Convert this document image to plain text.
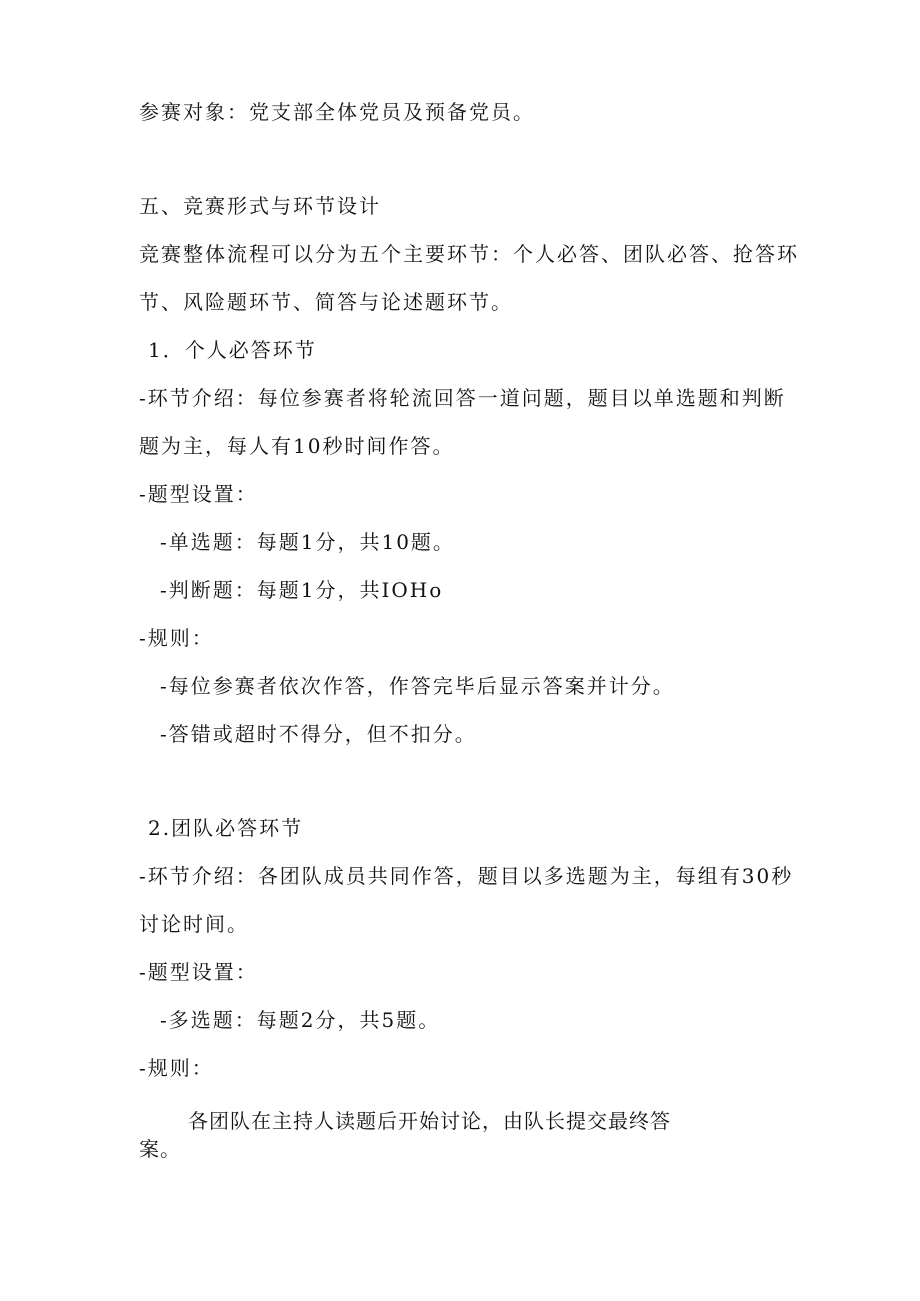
参赛对象：党支部全体党员及预备党员。
五、竞赛形式与环节设计
竞赛整体流程可以分为五个主要环节：个人必答、团队必答、抢答环
节、风险题环节、简答与论述题环节。
1．个人必答环节
-环节介绍：每位参赛者将轮流回答一道问题，题目以单选题和判断
题为主，每人有10秒时间作答。
-题型设置：
-单选题：每题1分，共10题。
-判断题：每题1分，共IOHo
-规则：
-每位参赛者依次作答，作答完毕后显示答案并计分。
-答错或超时不得分，但不扣分。
2.团队必答环节
-环节介绍：各团队成员共同作答，题目以多选题为主，每组有30秒
讨论时间。
-题型设置：
-多选题：每题2分，共5题。
-规则：
各团队在主持人读题后开始讨论，由队长提交最终答
案。
